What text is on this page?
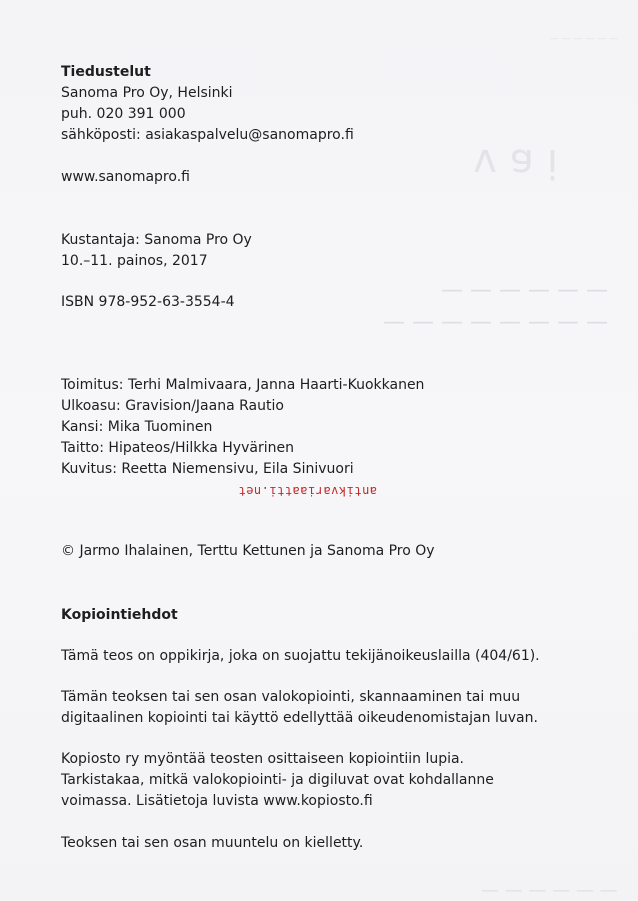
— — — — — —
v a i
— — — — — —
— — — — — — — —
— — — — — —
Tiedustelut
Sanoma Pro Oy, Helsinki
puh. 020 391 000
sähköposti: asiakaspalvelu@sanomapro.fi
www.sanomapro.fi
Kustantaja: Sanoma Pro Oy
10.–11. painos, 2017
ISBN 978-952-63-3554-4
Toimitus: Terhi Malmivaara, Janna Haarti-Kuokkanen
Ulkoasu: Gravision/Jaana Rautio
Kansi: Mika Tuominen
Taitto: Hipateos/Hilkka Hyvärinen
Kuvitus: Reetta Niemensivu, Eila Sinivuori
antikvariaatti.net
© Jarmo Ihalainen, Terttu Kettunen ja Sanoma Pro Oy
Kopiointiehdot
Tämä teos on oppikirja, joka on suojattu tekijänoikeuslailla (404/61).
Tämän teoksen tai sen osan valokopiointi, skannaaminen tai muu
digitaalinen kopiointi tai käyttö edellyttää oikeudenomistajan luvan.
Kopiosto ry myöntää teosten osittaiseen kopiointiin lupia.
Tarkistakaa, mitkä valokopiointi- ja digiluvat ovat kohdallanne
voimassa. Lisätietoja luvista www.kopiosto.fi
Teoksen tai sen osan muuntelu on kielletty.
